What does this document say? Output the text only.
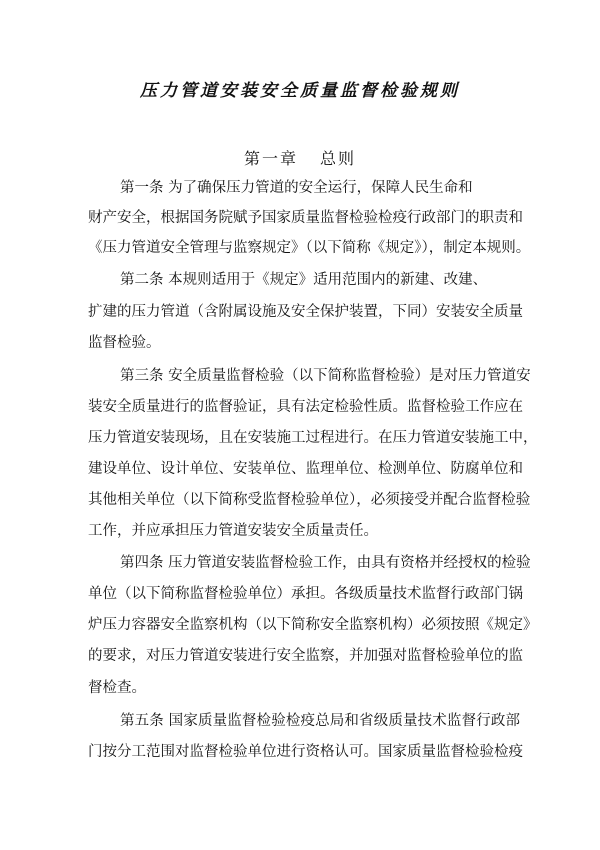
压力管道安装安全质量监督检验规则
第一章 总则
第一条 为了确保压力管道的安全运行，保障人民生命和
财产安全，根据国务院赋予国家质量监督检验检疫行政部门的职责和
《压力管道安全管理与监察规定》（以下简称《规定》），制定本规则。
第二条 本规则适用于《规定》适用范围内的新建、改建、
扩建的压力管道（含附属设施及安全保护装置，下同）安装安全质量
监督检验。
第三条 安全质量监督检验（以下简称监督检验）是对压力管道安
装安全质量进行的监督验证，具有法定检验性质。监督检验工作应在
压力管道安装现场，且在安装施工过程进行。在压力管道安装施工中，
建设单位、设计单位、安装单位、监理单位、检测单位、防腐单位和
其他相关单位（以下简称受监督检验单位），必须接受并配合监督检验
工作，并应承担压力管道安装安全质量责任。
第四条 压力管道安装监督检验工作，由具有资格并经授权的检验
单位（以下简称监督检验单位）承担。各级质量技术监督行政部门锅
炉压力容器安全监察机构（以下简称安全监察机构）必须按照《规定》
的要求，对压力管道安装进行安全监察，并加强对监督检验单位的监
督检查。
第五条 国家质量监督检验检疫总局和省级质量技术监督行政部
门按分工范围对监督检验单位进行资格认可。国家质量监督检验检疫
